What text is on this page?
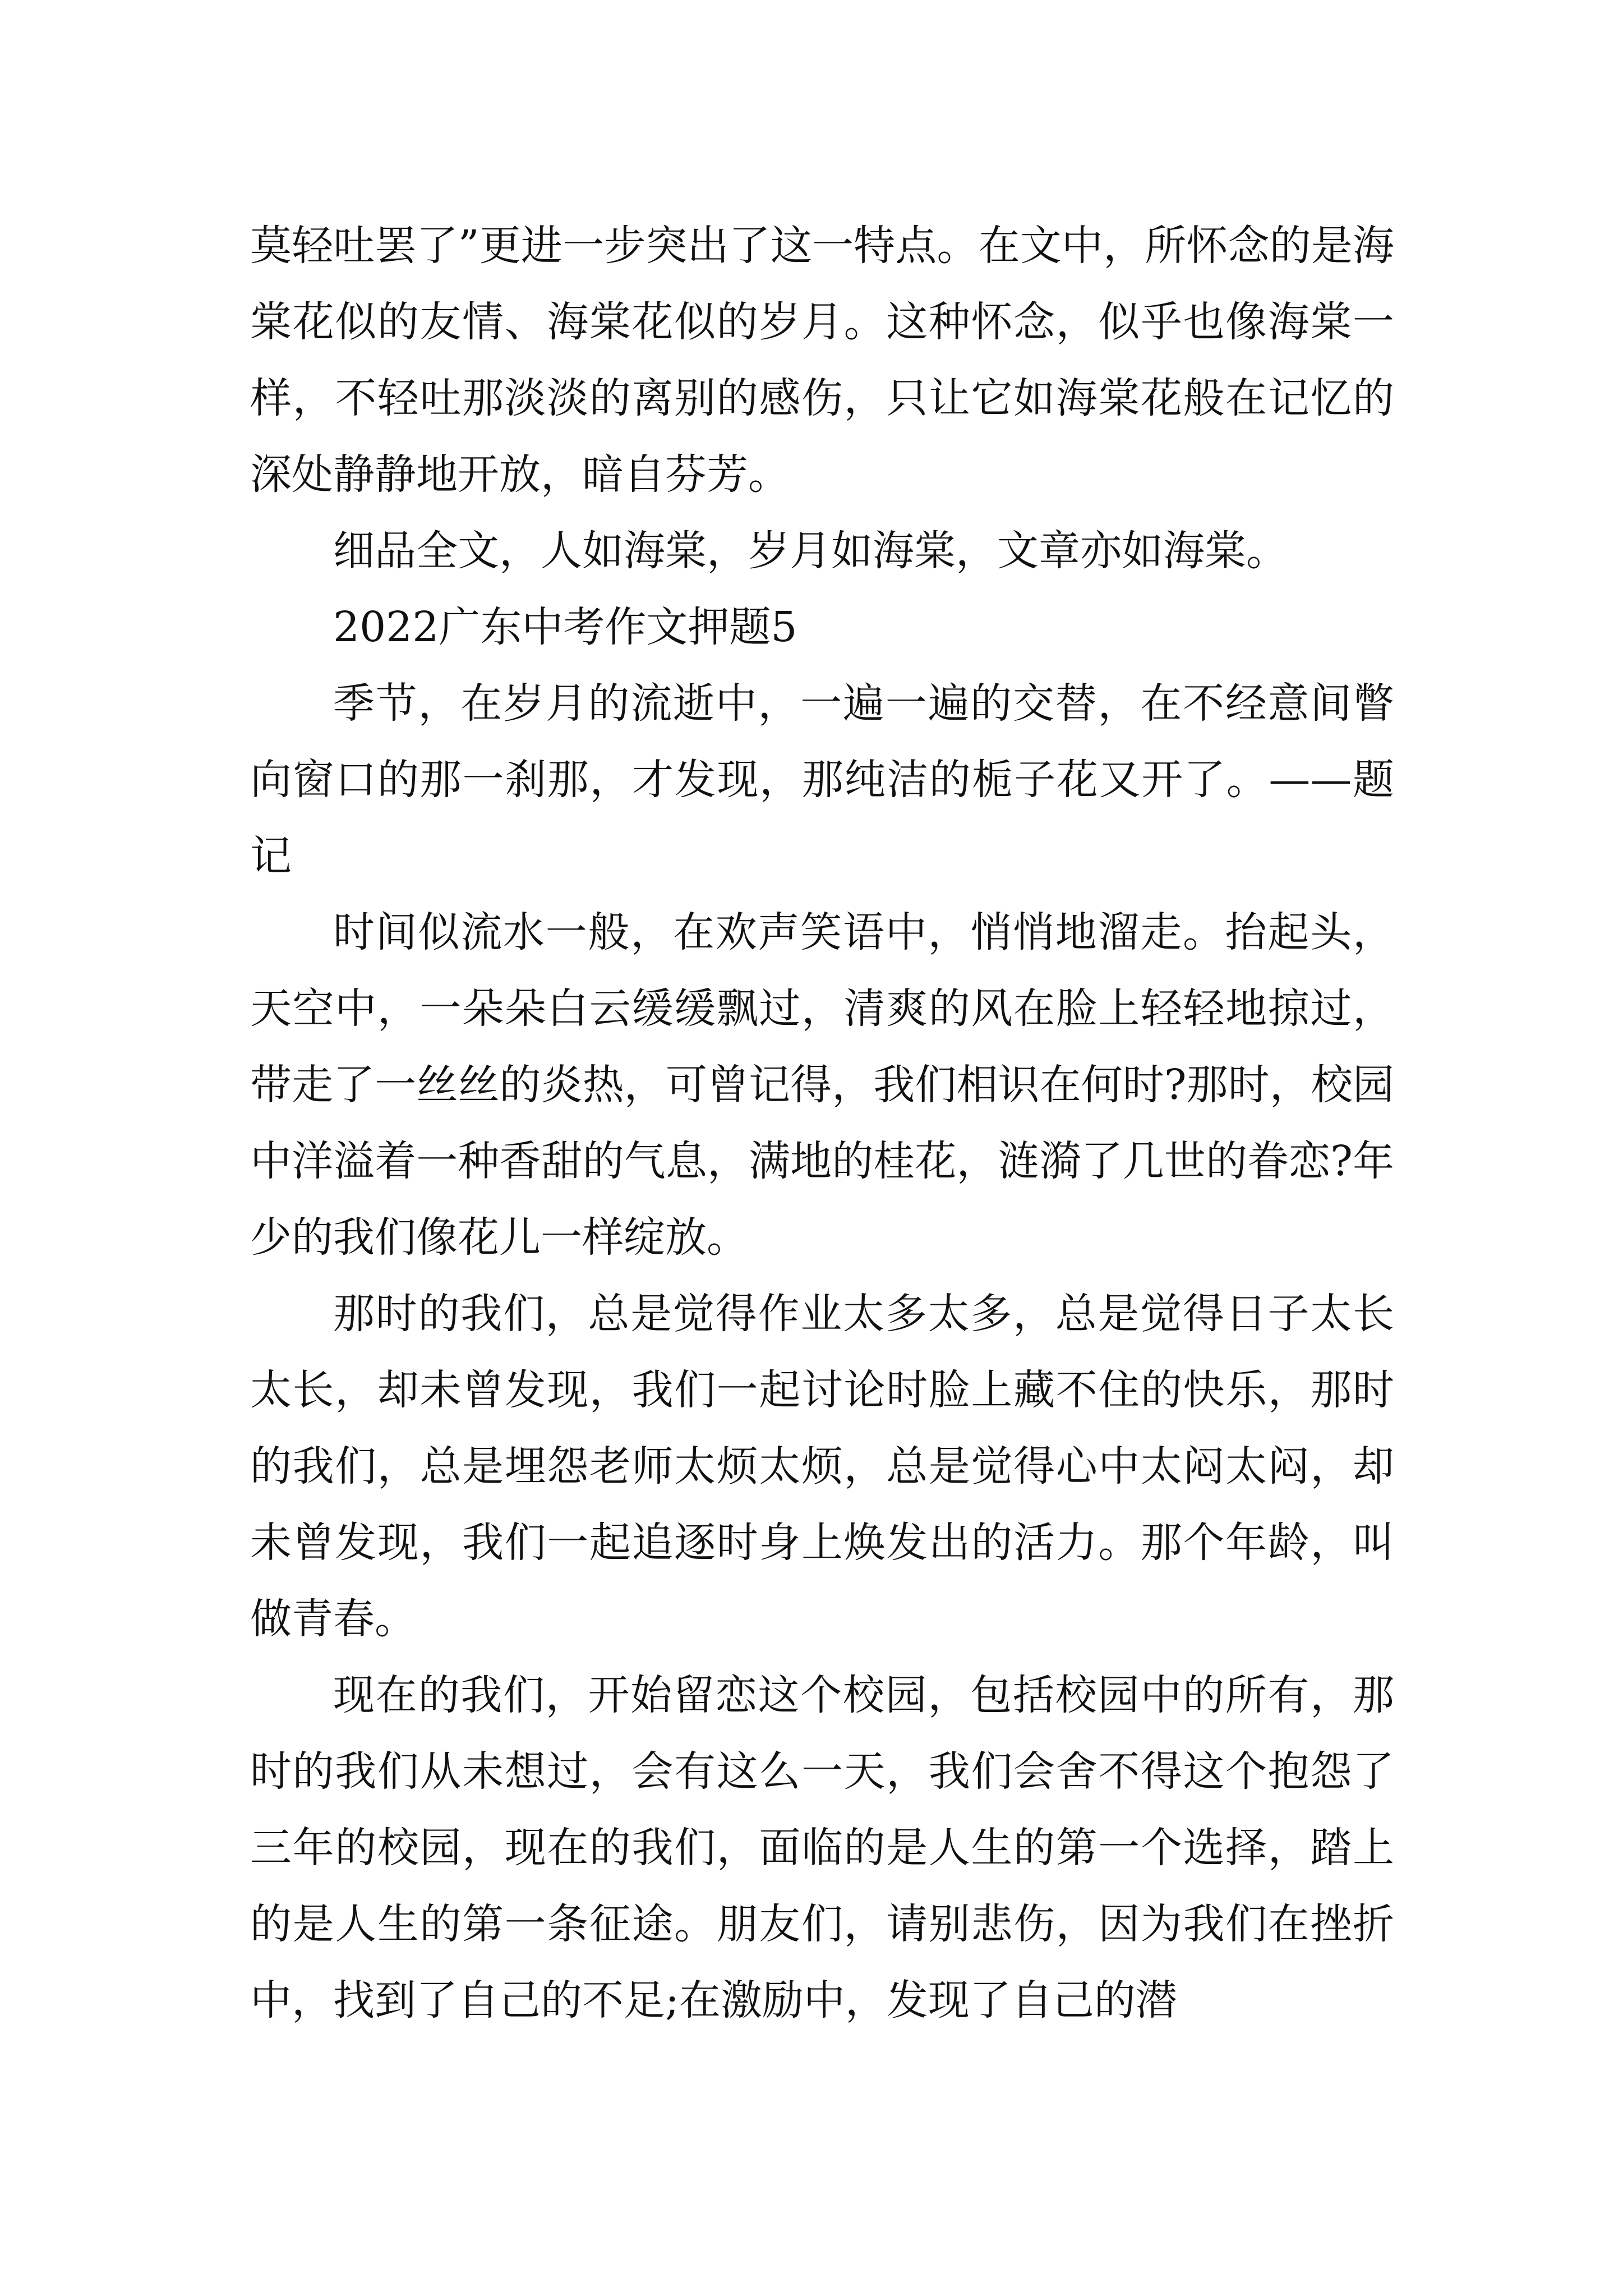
莫轻吐罢了”更进一步突出了这一特点。在文中，所怀念的是海棠花似的友情、海棠花似的岁月。这种怀念，似乎也像海棠一样，不轻吐那淡淡的离别的感伤，只让它如海棠花般在记忆的深处静静地开放，暗自芬芳。

细品全文，人如海棠，岁月如海棠，文章亦如海棠。

2022广东中考作文押题5

季节，在岁月的流逝中，一遍一遍的交替，在不经意间瞥向窗口的那一刹那，才发现，那纯洁的栀子花又开了。——题记

时间似流水一般，在欢声笑语中，悄悄地溜走。抬起头，天空中，一朵朵白云缓缓飘过，清爽的风在脸上轻轻地掠过，带走了一丝丝的炎热，可曾记得，我们相识在何时?那时，校园中洋溢着一种香甜的气息，满地的桂花，涟漪了几世的眷恋?年少的我们像花儿一样绽放。

那时的我们，总是觉得作业太多太多，总是觉得日子太长太长，却未曾发现，我们一起讨论时脸上藏不住的快乐，那时的我们，总是埋怨老师太烦太烦，总是觉得心中太闷太闷，却未曾发现，我们一起追逐时身上焕发出的活力。那个年龄，叫做青春。

现在的我们，开始留恋这个校园，包括校园中的所有，那时的我们从未想过，会有这么一天，我们会舍不得这个抱怨了三年的校园，现在的我们，面临的是人生的第一个选择，踏上的是人生的第一条征途。朋友们，请别悲伤，因为我们在挫折中，找到了自己的不足;在激励中，发现了自己的潜
